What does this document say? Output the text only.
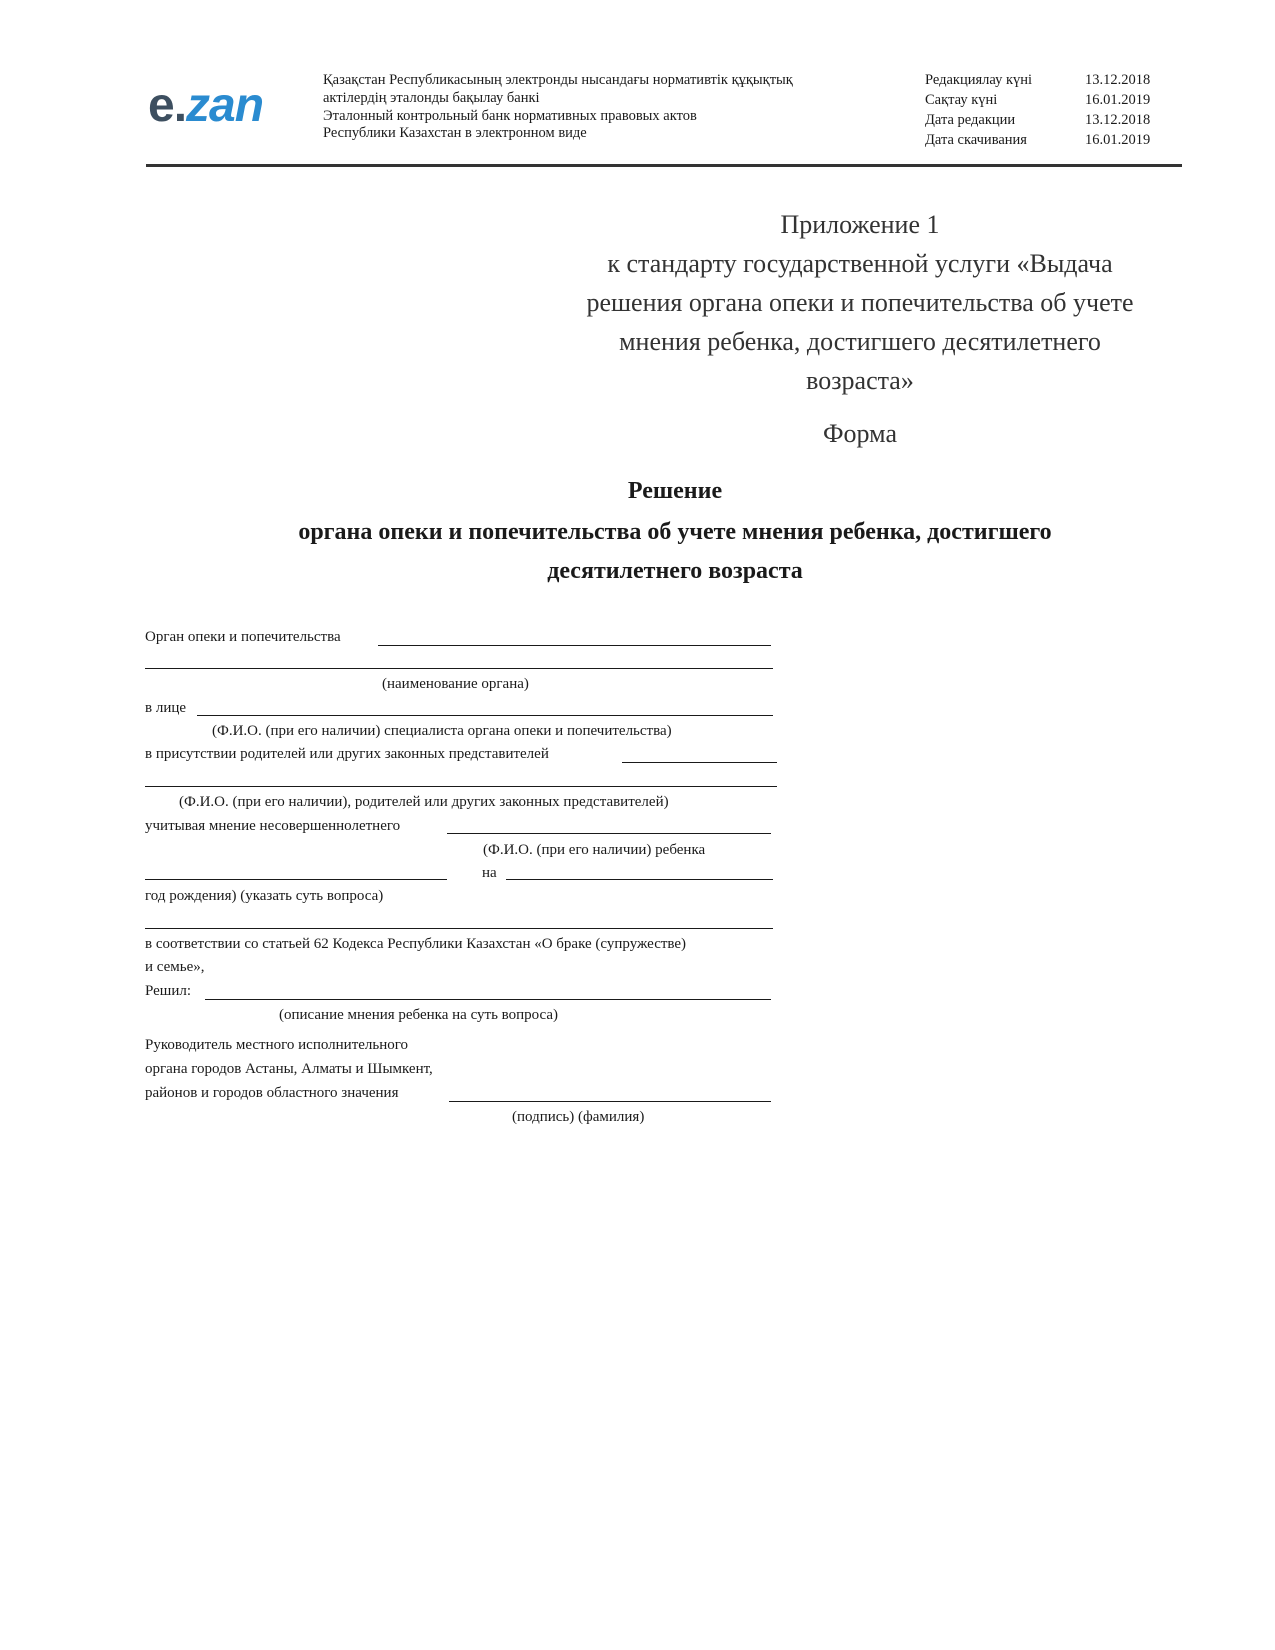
e.zan	Қазақстан Республикасының электронды нысандағы нормативтік құқықтық
актілердің эталонды бақылау банкі
Эталонный контрольный банк нормативных правовых актов
Республики Казахстан в электронном виде
Редакциялау күні	13.12.2018
Сақтау күні	16.01.2019
Дата редакции	13.12.2018
Дата скачивания	16.01.2019
Приложение 1
к стандарту государственной услуги «Выдача
решения органа опеки и попечительства об учете
мнения ребенка, достигшего десятилетнего
возраста»
Форма
Решение
органа опеки и попечительства об учете мнения ребенка, достигшего
десятилетнего возраста
Орган опеки и попечительства
(наименование органа)
в лице
(Ф.И.О. (при его наличии) специалиста органа опеки и попечительства)
в присутствии родителей или других законных представителей
(Ф.И.О. (при его наличии), родителей или других законных представителей)
учитывая мнение несовершеннолетнего
(Ф.И.О. (при его наличии) ребенка
на
год рождения) (указать суть вопроса)
в соответствии со статьей 62 Кодекса Республики Казахстан «О браке (супружестве)
и семье»,
Решил:
(описание мнения ребенка на суть вопроса)
Руководитель местного исполнительного
органа городов Астаны, Алматы и Шымкент,
районов и городов областного значения
(подпись) (фамилия)
